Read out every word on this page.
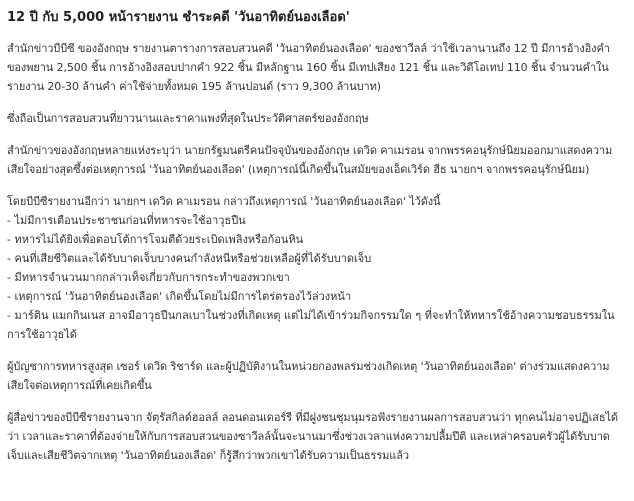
12 ปี กับ 5,000 หน้ารายงาน ชำระคดี 'วันอาทิตย์นองเลือด'

สำนักข่าวบีบีซี ของอังกฤษ รายงานตารางการสอบสวนคดี 'วันอาทิตย์นองเลือด' ของชาวีลล์ ว่าใช้เวลานานถึง 12 ปี มีการอ้างอิงคำของพยาน 2,500 ชิ้น การอ้างอิงสอบปากคำ 922 ชิ้น มีหลักฐาน 160 ชิ้น มีเทปเสียง 121 ชิ้น และวิดีโอเทป 110 ชิ้น จำนวนคำในรายงาน 20-30 ล้านคำ ค่าใช้จ่ายทั้งหมด 195 ล้านปอนด์ (ราว 9,300 ล้านบาท)

ซึ่งถือเป็นการสอบสวนที่ยาวนานและราคาแพงที่สุดในประวัติศาสตร์ของอังกฤษ

สำนักข่าวของอังกฤษหลายแห่งระบุว่า นายกรัฐมนตรีคนปัจจุบันของอังกฤษ เดวิด คาเมรอน จากพรรคอนุรักษ์นิยมออกมาแสดงความเสียใจอย่างสุดซึ้งต่อเหตุการณ์ 'วันอาทิตย์นองเลือด' (เหตุการณ์นี้เกิดขึ้นในสมัยของเอ็ดเวิร์ด ฮีธ นายกฯ จากพรรคอนุรักษ์นิยม)

โดยบีบีซีรายงานอีกว่า นายกฯ เดวิด คาเมรอน กล่าวถึงเหตุการณ์ 'วันอาทิตย์นองเลือด' ไว้ดังนี้

- ไม่มีการเตือนประชาชนก่อนที่ทหารจะใช้อาวุธปืน
- ทหารไม่ได้ยิงเพื่อตอบโต้การโจมตีด้วยระเบิดเพลิงหรือก้อนหิน
- คนที่เสียชีวิตและได้รับบาดเจ็บบางคนกำลังหนีหรือช่วยเหลือผู้ที่ได้รับบาดเจ็บ
- มีทหารจำนวนมากกล่าวเท็จเกี่ยวกับการกระทำของพวกเขา
- เหตุการณ์ 'วันอาทิตย์นองเลือด' เกิดขึ้นโดยไม่มีการไตร่ตรองไว้ล่วงหน้า
- มาร์ติน แมกกินเนส อาจมีอาวุธปืนกลเบาในช่วงที่เกิดเหตุ แต่ไม่ได้เข้าร่วมกิจกรรมใด ๆ ที่จะทำให้ทหารใช้อ้างความชอบธรรมในการใช้อาวุธได้

ผู้บัญชาการทหารสูงสุด เซอร์ เดวิด ริชาร์ด และผู้ปฏิบัติงานในหน่วยกองพลร่มช่วงเกิดเหตุ 'วันอาทิตย์นองเลือด' ต่างร่วมแสดงความเสียใจต่อเหตุการณ์ที่เคยเกิดขึ้น

ผู้สื่อข่าวของบีบีซีรายงานจาก จัตุรัสกิลด์ฮอลล์ ลอนดอนเดอร์รี ที่มีฝูงชนชุมนุมรอฟังรายงานผลการสอบสวนว่า ทุกคนไม่อาจปฏิเสธได้ว่า เวลาและราคาที่ต้องจ่ายให้กับการสอบสวนของซาวีลล์นั้นจะนานมาซึ่งช่วงเวลาแห่งความปลื้มปีติ และเหล่าครอบครัวผู้ได้รับบาดเจ็บและเสียชีวิตจากเหตุ 'วันอาทิตย์นองเลือด' ก็รู้สึกว่าพวกเขาได้รับความเป็นธรรมแล้ว
